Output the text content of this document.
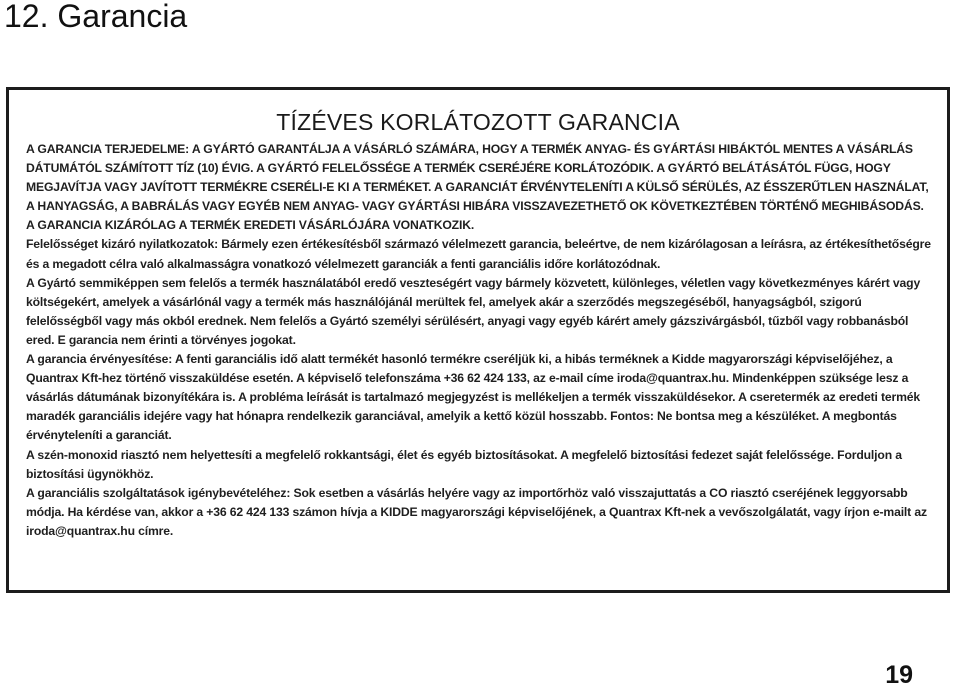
12. Garancia
TÍZÉVES KORLÁTOZOTT GARANCIA

A GARANCIA TERJEDELME: A GYÁRTÓ GARANTÁLJA A VÁSÁRLÓ SZÁMÁRA, HOGY A TERMÉK ANYAG- ÉS GYÁRTÁSI HIBÁKTÓL MENTES A VÁSÁRLÁS DÁTUMÁTÓL SZÁMÍTOTT TÍZ (10) ÉVIG. A GYÁRTÓ FELELŐSSÉGE A TERMÉK CSERÉJÉRE KORLÁTOZÓDIK. A GYÁRTÓ BELÁTÁSÁTÓL FÜGG, HOGY MEGJAVÍTJA VAGY JAVÍTOTT TERMÉKRE CSERÉLI-E KI A TERMÉKET. A GARANCIÁT ÉRVÉNYTELENÍTI A KÜLSŐ SÉRÜLÉS, AZ ÉSSZERŰTLEN HASZNÁLAT, A HANYAGSÁG, A BABRÁLÁS VAGY EGYÉB NEM ANYAG- VAGY GYÁRTÁSI HIBÁRA VISSZAVEZETHETŐ OK KÖVETKEZTÉBEN TÖRTÉNŐ MEGHIBÁSODÁS. A GARANCIA KIZÁRÓLAG A TERMÉK EREDETI VÁSÁRLÓJÁRA VONATKOZIK.

Felelősséget kizáró nyilatkozatok: Bármely ezen értékesítésből származó vélelmezett garancia, beleértve, de nem kizárólagosan a leírásra, az értékesíthetőségre és a megadott célra való alkalmasságra vonatkozó vélelmezett garanciák a fenti garanciális időre korlátozódnak.

A Gyártó semmiképpen sem felelős a termék használatából eredő veszteségért vagy bármely közvetett, különleges, véletlen vagy következményes kárért vagy költségekért, amelyek a vásárlónál vagy a termék más használójánál merültek fel, amelyek akár a szerződés megszegéséből, hanyagságból, szigorú felelősségből vagy más okból erednek. Nem felelős a Gyártó személyi sérülésért, anyagi vagy egyéb kárért amely gázszivárgásból, tűzből vagy robbanásból ered. E garancia nem érinti a törvényes jogokat.

A garancia érvényesítése: A fenti garanciális idő alatt termékét hasonló termékre cseréljük ki, a hibás terméknek a Kidde magyarországi képviselőjéhez, a Quantrax Kft-hez történő visszaküldése esetén. A képviselő telefonszáma +36 62 424 133, az e-mail címe iroda@quantrax.hu. Mindenképpen szüksége lesz a vásárlás dátumának bizonyítékára is. A probléma leírását is tartalmazó megjegyzést is mellékeljen a termék visszaküldésekor. A cseretermék az eredeti termék maradék garanciális idejére vagy hat hónapra rendelkezik garanciával, amelyik a kettő közül hosszabb. Fontos: Ne bontsa meg a készüléket. A megbontás érvényteleníti a garanciát.

A szén-monoxid riasztó nem helyettesíti a megfelelő rokkantsági, élet és egyéb biztosításokat. A megfelelő biztosítási fedezet saját felelőssége. Forduljon a biztosítási ügynökhöz.

A garanciális szolgáltatások igénybevételéhez: Sok esetben a vásárlás helyére vagy az importőrhöz való visszajuttatás a CO riasztó cseréjének leggyorsabb módja. Ha kérdése van, akkor a +36 62 424 133 számon hívja a KIDDE magyarországi képviselőjének, a Quantrax Kft-nek a vevőszolgálatát, vagy írjon e-mailt az iroda@quantrax.hu címre.

19
